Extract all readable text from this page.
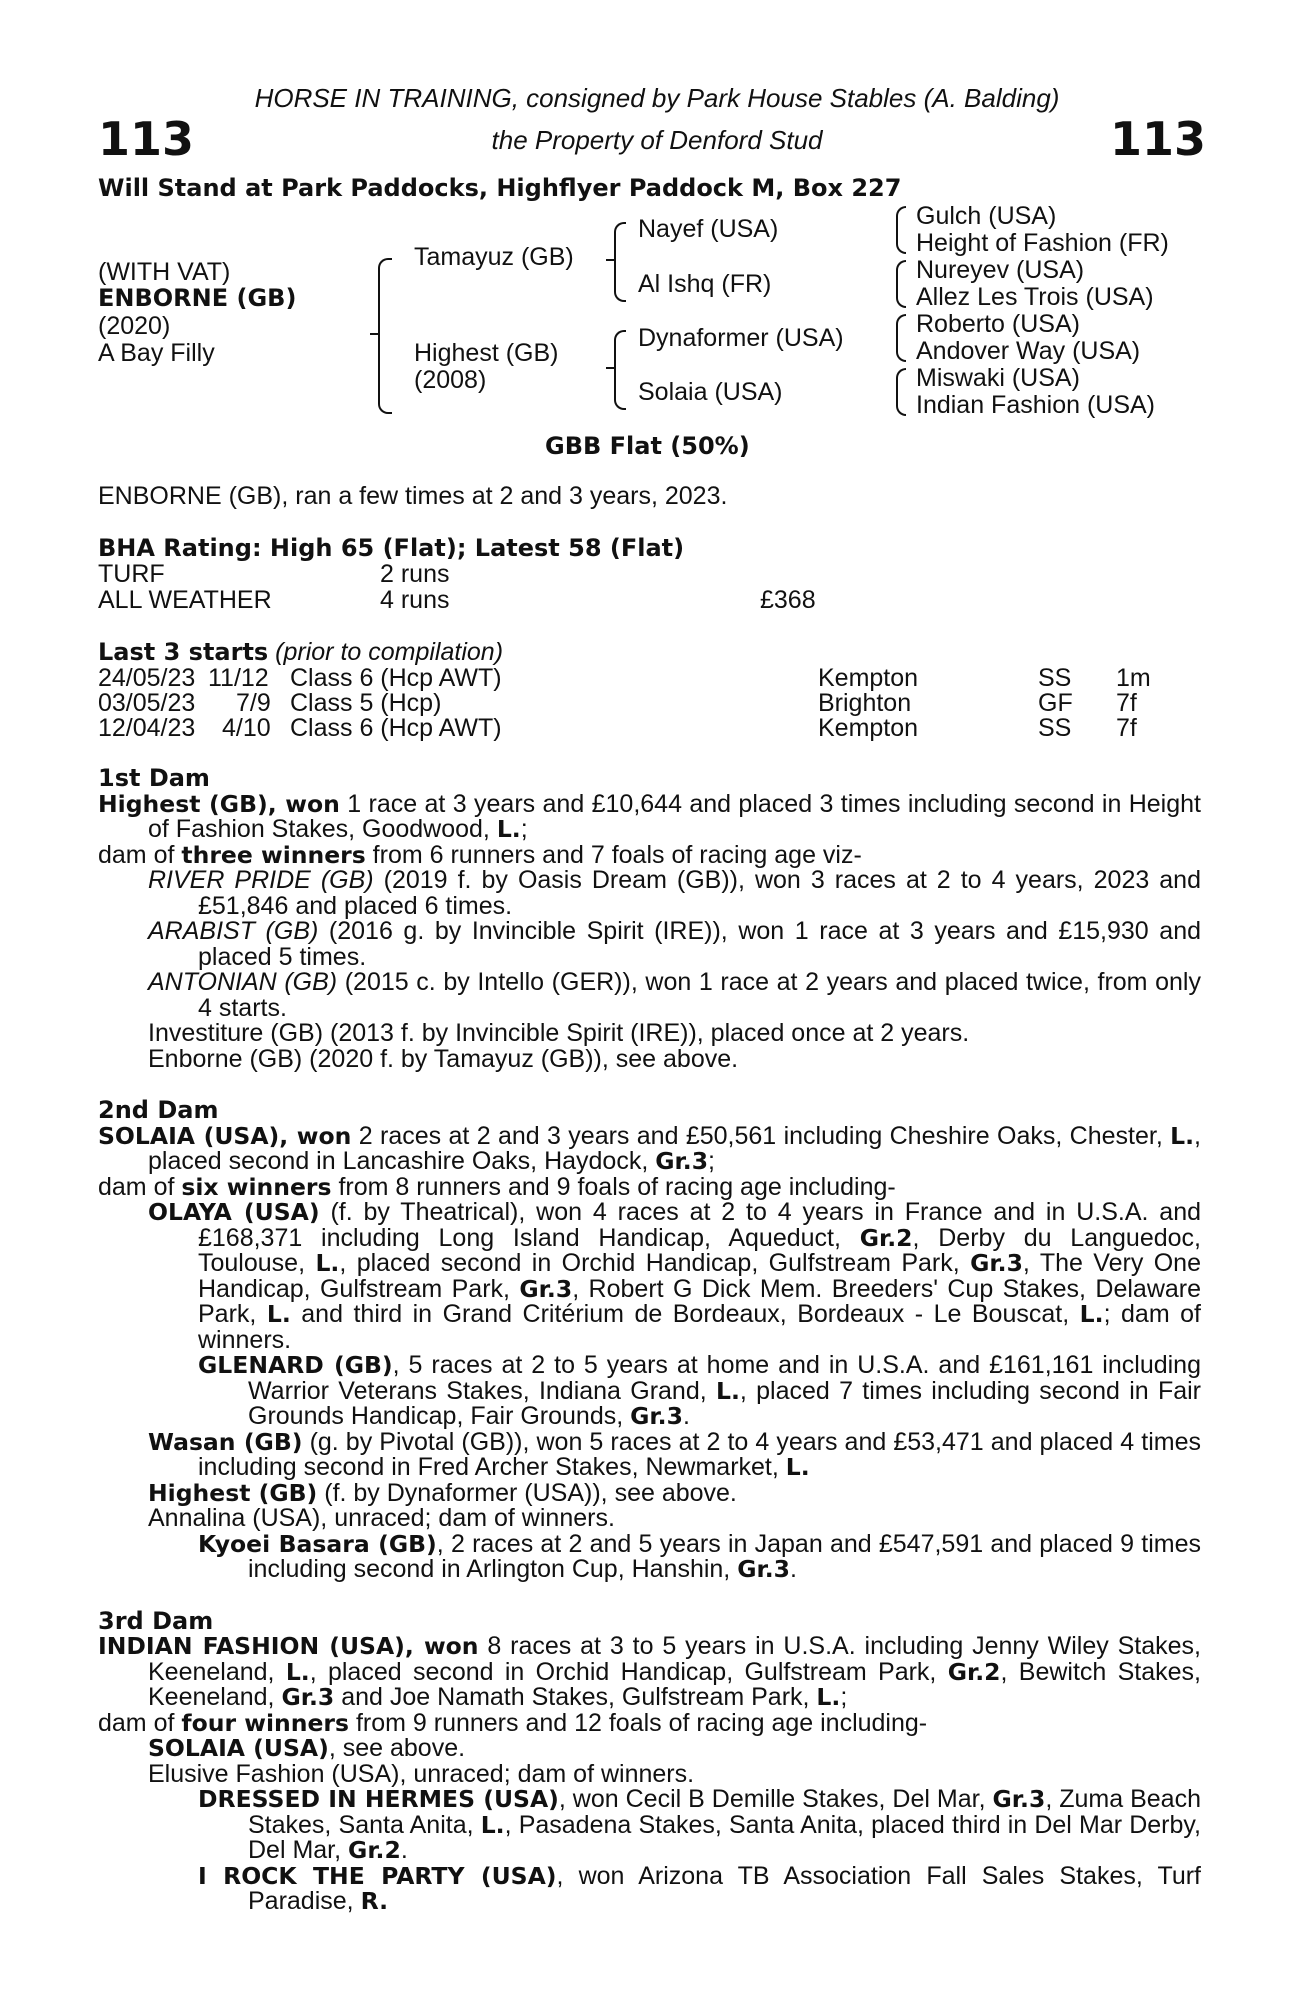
113	113
HORSE IN TRAINING, consigned by Park House Stables (A. Balding)
the Property of Denford Stud
Will Stand at Park Paddocks, Highflyer Paddock M, Box 227
(WITH VAT)
ENBORNE (GB)
(2020)
A Bay Filly
Tamayuz (GB)
Highest (GB)
(2008)
Nayef (USA)
Al Ishq (FR)
Dynaformer (USA)
Solaia (USA)
Gulch (USA)
Height of Fashion (FR)
Nureyev (USA)
Allez Les Trois (USA)
Roberto (USA)
Andover Way (USA)
Miswaki (USA)
Indian Fashion (USA)
GBB Flat (50%)
ENBORNE (GB), ran a few times at 2 and 3 years, 2023.
BHA Rating: High 65 (Flat); Latest 58 (Flat)
TURF	2 runs
ALL WEATHER	4 runs	£368
Last 3 starts (prior to compilation)
24/05/23 11/12 Class 6 (Hcp AWT)	Kempton	SS 1m
03/05/23 7/9 Class 5 (Hcp)	Brighton	GF 7f
12/04/23 4/10 Class 6 (Hcp AWT)	Kempton	SS 7f
1st Dam
Highest (GB), won 1 race at 3 years and £10,644 and placed 3 times including second in Height of Fashion Stakes, Goodwood, L.;
dam of three winners from 6 runners and 7 foals of racing age viz-
RIVER PRIDE (GB) (2019 f. by Oasis Dream (GB)), won 3 races at 2 to 4 years, 2023 and £51,846 and placed 6 times.
ARABIST (GB) (2016 g. by Invincible Spirit (IRE)), won 1 race at 3 years and £15,930 and placed 5 times.
ANTONIAN (GB) (2015 c. by Intello (GER)), won 1 race at 2 years and placed twice, from only 4 starts.
Investiture (GB) (2013 f. by Invincible Spirit (IRE)), placed once at 2 years.
Enborne (GB) (2020 f. by Tamayuz (GB)), see above.
2nd Dam
SOLAIA (USA), won 2 races at 2 and 3 years and £50,561 including Cheshire Oaks, Chester, L., placed second in Lancashire Oaks, Haydock, Gr.3;
dam of six winners from 8 runners and 9 foals of racing age including-
OLAYA (USA) (f. by Theatrical), won 4 races at 2 to 4 years in France and in U.S.A. and £168,371 including Long Island Handicap, Aqueduct, Gr.2, Derby du Languedoc, Toulouse, L., placed second in Orchid Handicap, Gulfstream Park, Gr.3, The Very One Handicap, Gulfstream Park, Gr.3, Robert G Dick Mem. Breeders' Cup Stakes, Delaware Park, L. and third in Grand Critérium de Bordeaux, Bordeaux - Le Bouscat, L.; dam of winners.
GLENARD (GB), 5 races at 2 to 5 years at home and in U.S.A. and £161,161 including Warrior Veterans Stakes, Indiana Grand, L., placed 7 times including second in Fair Grounds Handicap, Fair Grounds, Gr.3.
Wasan (GB) (g. by Pivotal (GB)), won 5 races at 2 to 4 years and £53,471 and placed 4 times including second in Fred Archer Stakes, Newmarket, L.
Highest (GB) (f. by Dynaformer (USA)), see above.
Annalina (USA), unraced; dam of winners.
Kyoei Basara (GB), 2 races at 2 and 5 years in Japan and £547,591 and placed 9 times including second in Arlington Cup, Hanshin, Gr.3.
3rd Dam
INDIAN FASHION (USA), won 8 races at 3 to 5 years in U.S.A. including Jenny Wiley Stakes, Keeneland, L., placed second in Orchid Handicap, Gulfstream Park, Gr.2, Bewitch Stakes, Keeneland, Gr.3 and Joe Namath Stakes, Gulfstream Park, L.;
dam of four winners from 9 runners and 12 foals of racing age including-
SOLAIA (USA), see above.
Elusive Fashion (USA), unraced; dam of winners.
DRESSED IN HERMES (USA), won Cecil B Demille Stakes, Del Mar, Gr.3, Zuma Beach Stakes, Santa Anita, L., Pasadena Stakes, Santa Anita, placed third in Del Mar Derby, Del Mar, Gr.2.
I ROCK THE PARTY (USA), won Arizona TB Association Fall Sales Stakes, Turf Paradise, R.
